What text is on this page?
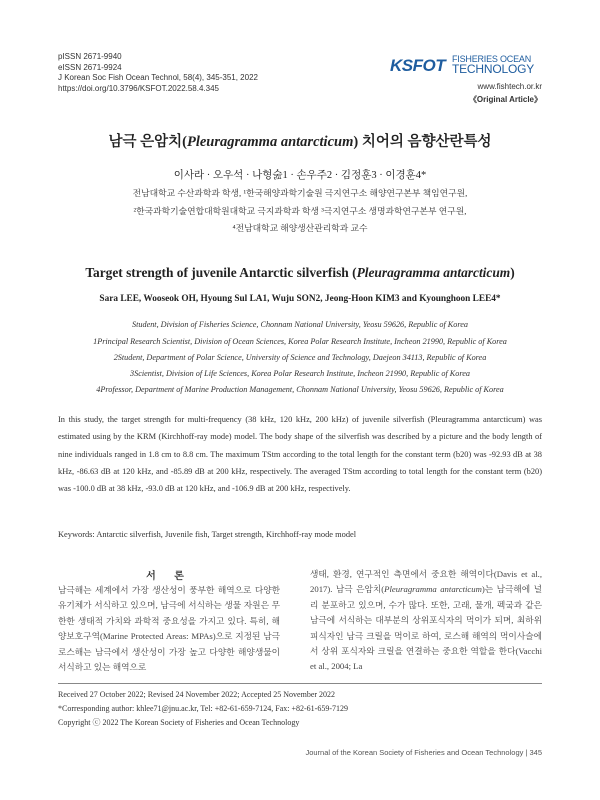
pISSN 2671-9940
eISSN 2671-9924
J Korean Soc Fish Ocean Technol, 58(4), 345-351, 2022
https://doi.org/10.3796/KSFOT.2022.58.4.345
KSFOT FISHERIES OCEAN
TECHNOLOGY
www.fishtech.or.kr
《Original Article》
남극 은암치(Pleuragramma antarcticum) 치어의 음향산란특성
이사라 · 오우석 · 나형숦1 · 손우주2 · 김정훈3 · 이경훈4*
전남대학교 수산과학과 학생, ¹한국해양과학기술원 극지연구소 해양연구본부 책임연구원,
²한국과학기술연합대학원대학교 극지과학과 학생 ³극지연구소 생명과학연구본부 연구원,
⁴전남대학교 해양생산관리학과 교수
Target strength of juvenile Antarctic silverfish (Pleuragramma antarcticum)
Sara LEE, Wooseok OH, Hyoung Sul LA1, Wuju SON2, Jeong-Hoon KIM3 and Kyounghoon LEE4*
Student, Division of Fisheries Science, Chonnam National University, Yeosu 59626, Republic of Korea
1Principal Research Scientist, Division of Ocean Sciences, Korea Polar Research Institute, Incheon 21990, Republic of Korea
2Student, Department of Polar Science, University of Science and Technology, Daejeon 34113, Republic of Korea
3Scientist, Division of Life Sciences, Korea Polar Research Institute, Incheon 21990, Republic of Korea
4Professor, Department of Marine Production Management, Chonnam National University, Yeosu 59626, Republic of Korea
In this study, the target strength for multi-frequency (38 kHz, 120 kHz, 200 kHz) of juvenile silverfish (Pleuragramma antarcticum) was estimated using by the KRM (Kirchhoff-ray mode) model. The body shape of the silverfish was described by a picture and the body length of nine individuals ranged in 1.8 cm to 8.8 cm. The maximum TStm according to the total length for the constant term (b20) was -92.93 dB at 38 kHz, -86.63 dB at 120 kHz, and -85.89 dB at 200 kHz, respectively. The averaged TStm according to total length for the constant term (b20) was -100.0 dB at 38 kHz, -93.0 dB at 120 kHz, and -106.9 dB at 200 kHz, respectively.
Keywords: Antarctic silverfish, Juvenile fish, Target strength, Kirchhoff-ray mode model
서 론
남극해는 세계에서 가장 생산성이 풍부한 해역으로 다양한 유기체가 서식하고 있으며, 남극에 서식하는 생물 자원은 무한한 생태적 가치와 과학적 중요성을 가지고 있다. 특히, 해양보호구역(Marine Protected Areas: MPAs)으로 지정된 남극 로스해는 남극에서 생산성이 가장 높고 다양한 해양생물이 서식하고 있는 해역으로
생태, 환경, 연구적인 측면에서 중요한 해역이다(Davis et al., 2017). 남극 은암치(Pleuragramma antarcticum)는 남극해에 널리 분포하고 있으며, 수가 많다. 또한, 고래, 물개, 펙궄과 같은 남극에 서식하는 대부분의 상위포식자의 먹이가 되며, 최하위 피식자인 남극 크릴을 먹이로 하여, 로스해 해역의 먹이사슬에서 상위 포식자와 크릴을 연결하는 중요한 역할을 한다(Vacchi et al., 2004; La
Received 27 October 2022; Revised 24 November 2022; Accepted 25 November 2022
*Corresponding author: khlee71@jnu.ac.kr, Tel: +82-61-659-7124, Fax: +82-61-659-7129
Copyright ⓒ 2022 The Korean Society of Fisheries and Ocean Technology
Journal of the Korean Society of Fisheries and Ocean Technology | 345
